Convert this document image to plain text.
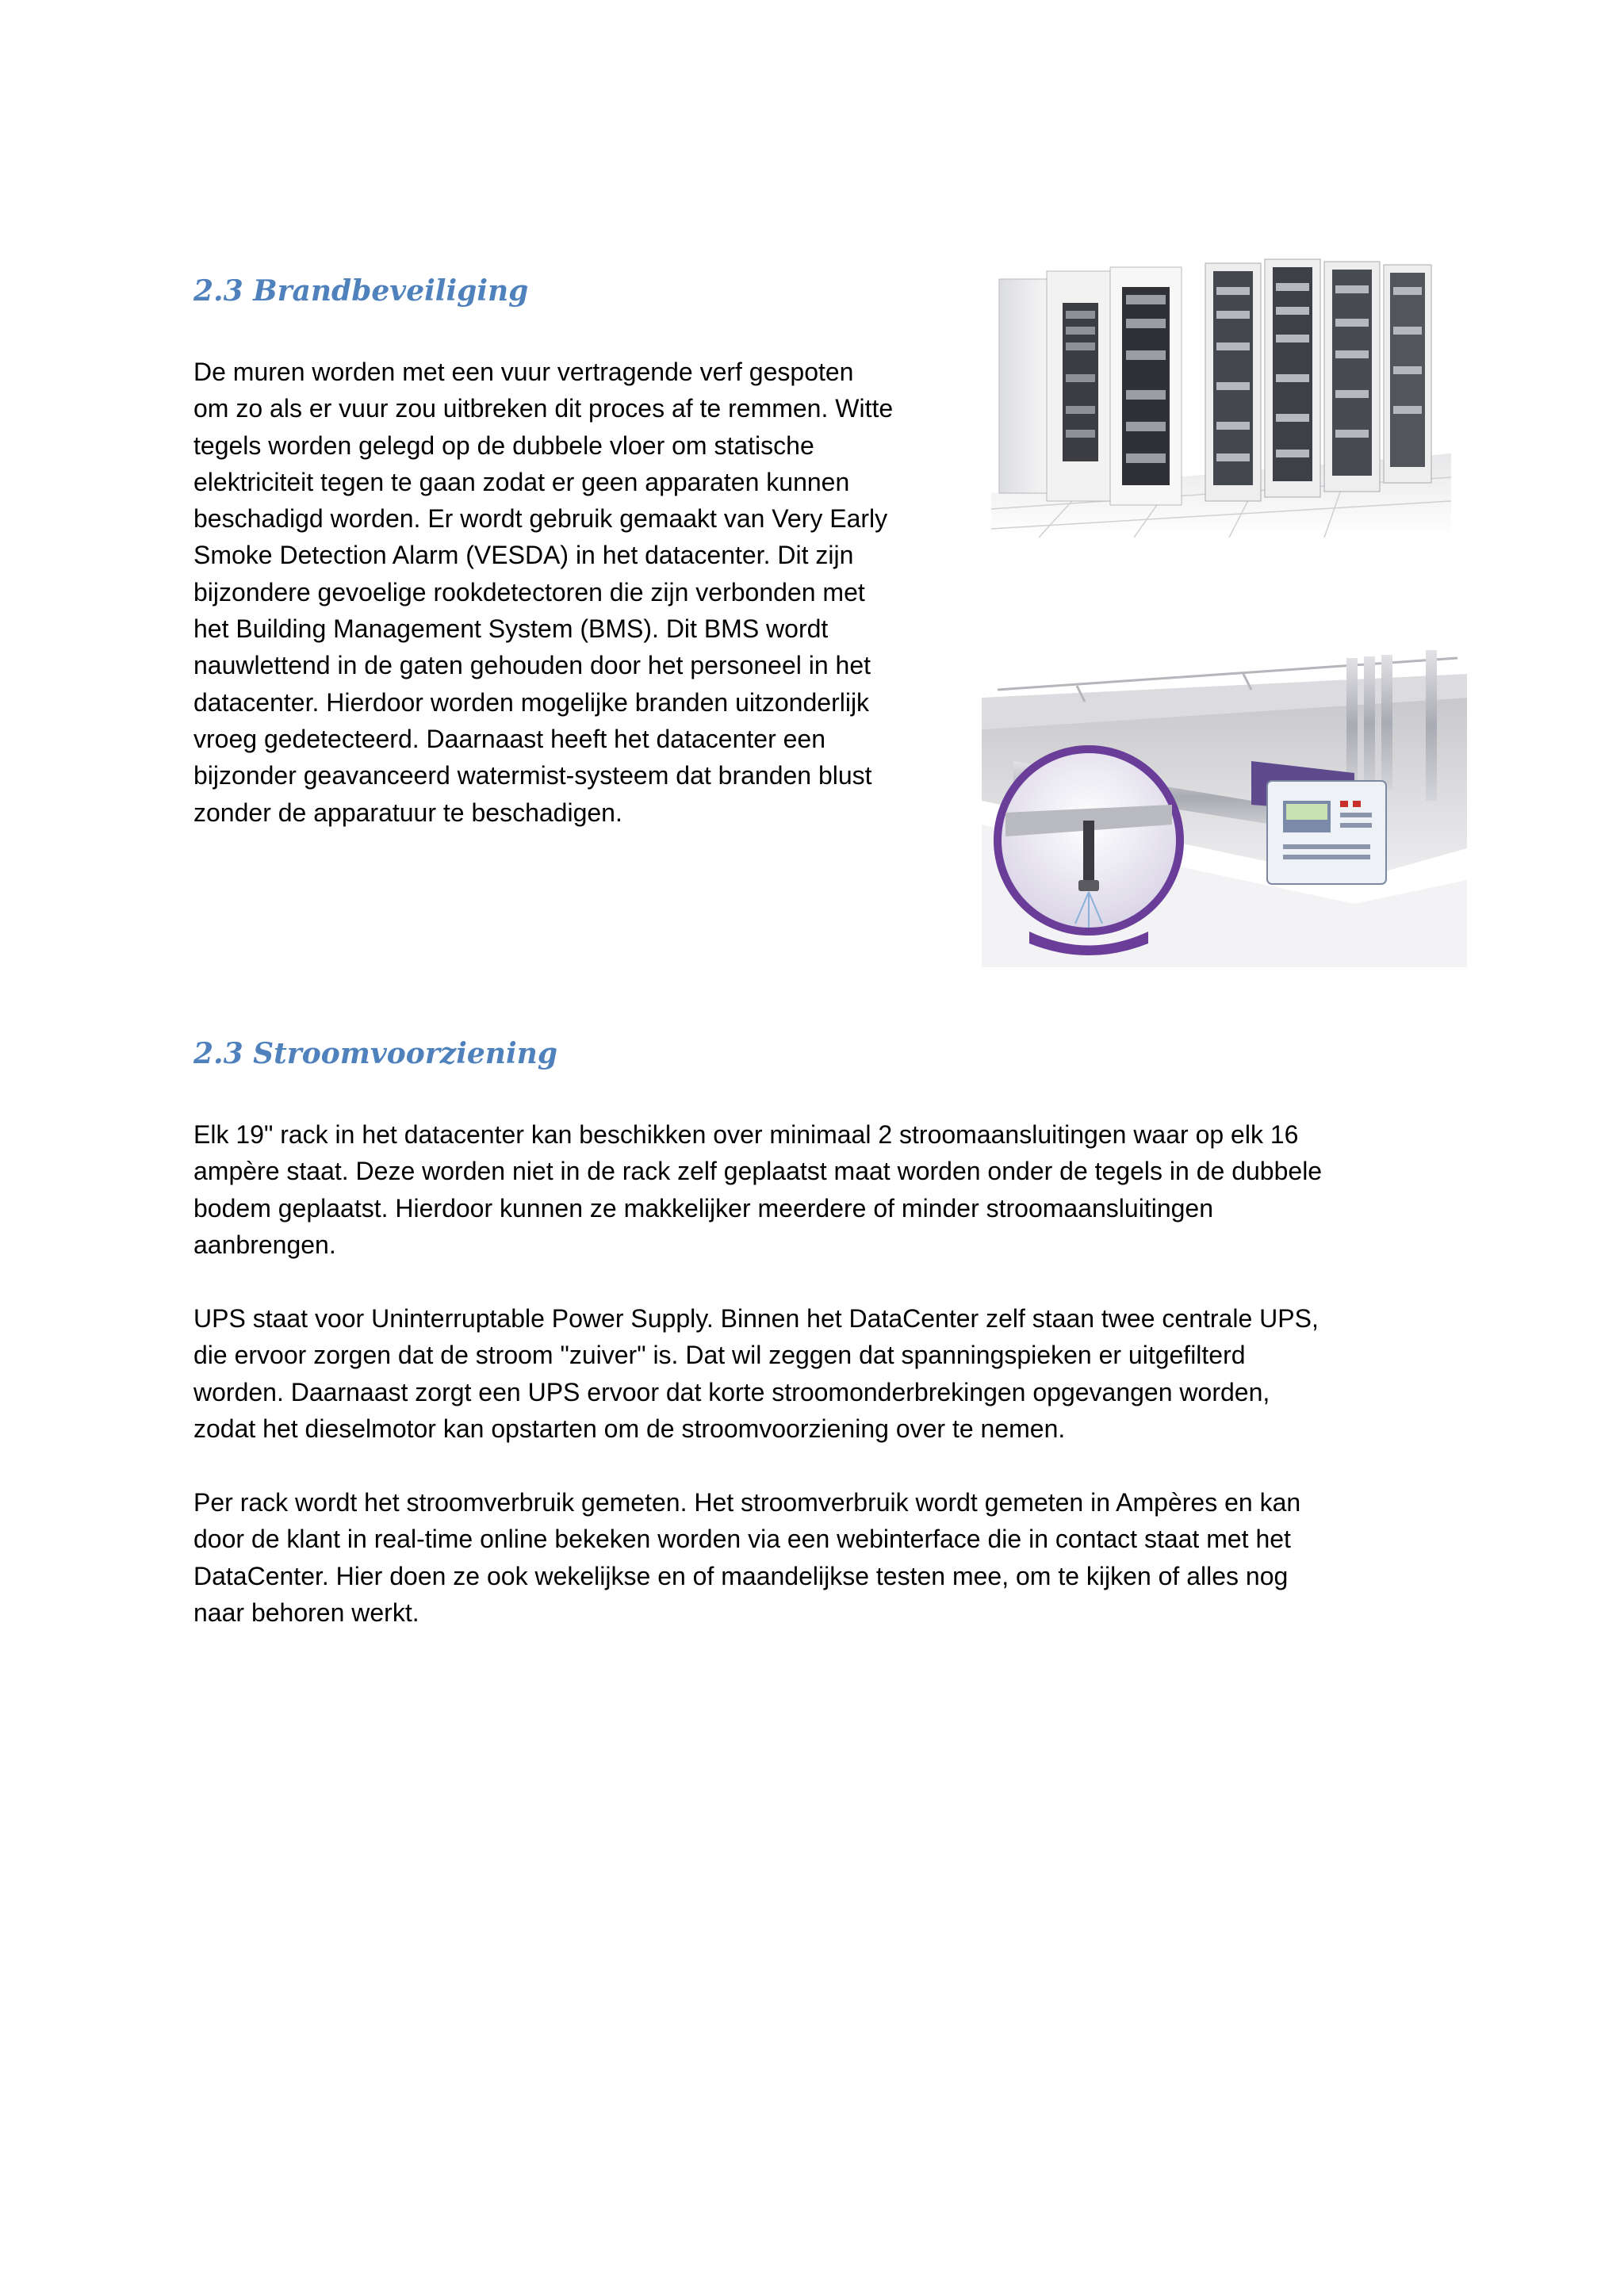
2.3 Brandbeveiliging

De muren worden met een vuur vertragende verf gespoten
om zo als er vuur zou uitbreken dit proces af te remmen. Witte
tegels worden gelegd op de dubbele vloer om statische
elektriciteit tegen te gaan zodat er geen apparaten kunnen
beschadigd worden. Er wordt gebruik gemaakt van Very Early
Smoke Detection Alarm (VESDA) in het datacenter. Dit zijn
bijzondere gevoelige rookdetectoren die zijn verbonden met
het Building Management System (BMS). Dit BMS wordt
nauwlettend in de gaten gehouden door het personeel in het
datacenter. Hierdoor worden mogelijke branden uitzonderlijk
vroeg gedetecteerd. Daarnaast heeft het datacenter een
bijzonder geavanceerd watermist-systeem dat branden blust
zonder de apparatuur te beschadigen.

2.3 Stroomvoorziening

Elk 19" rack in het datacenter kan beschikken over minimaal 2 stroomaansluitingen waar op elk 16
ampère staat. Deze worden niet in de rack zelf geplaatst maat worden onder de tegels in de dubbele
bodem geplaatst. Hierdoor kunnen ze makkelijker meerdere of minder stroomaansluitingen
aanbrengen.

UPS staat voor Uninterruptable Power Supply. Binnen het DataCenter zelf staan twee centrale UPS,
die ervoor zorgen dat de stroom "zuiver" is. Dat wil zeggen dat spanningspieken er uitgefilterd
worden. Daarnaast zorgt een UPS ervoor dat korte stroomonderbrekingen opgevangen worden,
zodat het dieselmotor kan opstarten om de stroomvoorziening over te nemen.

Per rack wordt het stroomverbruik gemeten. Het stroomverbruik wordt gemeten in Ampères en kan
door de klant in real-time online bekeken worden via een webinterface die in contact staat met het
DataCenter. Hier doen ze ook wekelijkse en of maandelijkse testen mee, om te kijken of alles nog
naar behoren werkt.
